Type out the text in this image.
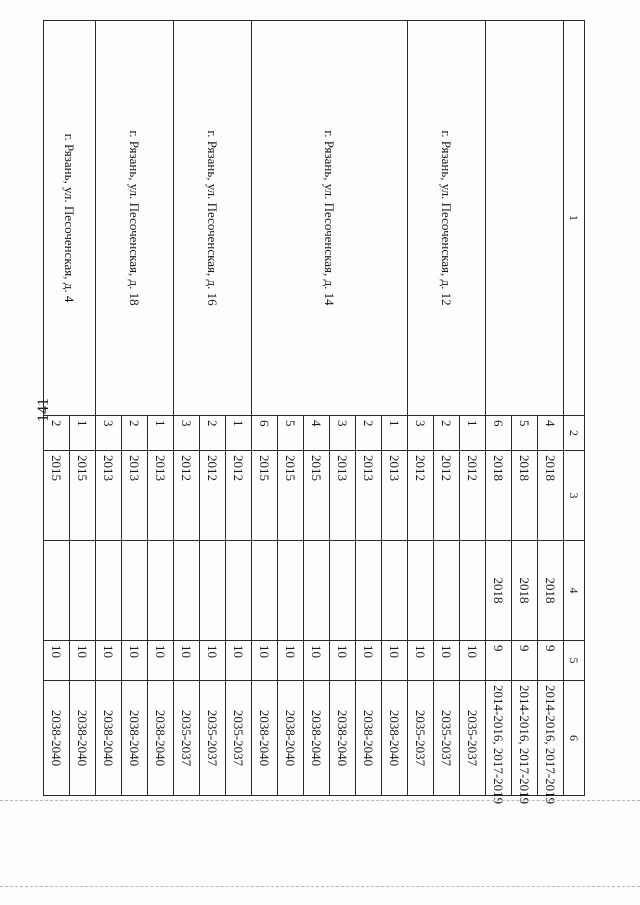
141
1	2	3	4	5	6
	4	2018	2018	9	2014-2016, 2017-2019
	5	2018	2018	9	2014-2016, 2017-2019
	6	2018	2018	9	2014-2016, 2017-2019
г. Рязань, ул. Песоченская, д. 12	1	2012		10	2035-2037
	2	2012		10	2035-2037
	3	2012		10	2035-2037
г. Рязань, ул. Песоченская, д. 14	1	2013		10	2038-2040
	2	2013		10	2038-2040
	3	2013		10	2038-2040
	4	2015		10	2038-2040
	5	2015		10	2038-2040
	6	2015		10	2038-2040
г. Рязань, ул. Песоченская, д. 16	1	2012		10	2035-2037
	2	2012		10	2035-2037
	3	2012		10	2035-2037
г. Рязань, ул. Песоченская, д. 18	1	2013		10	2038-2040
	2	2013		10	2038-2040
	3	2013		10	2038-2040
г. Рязань, ул. Песоченская, д. 4	1	2015		10	2038-2040
	2	2015		10	2038-2040
